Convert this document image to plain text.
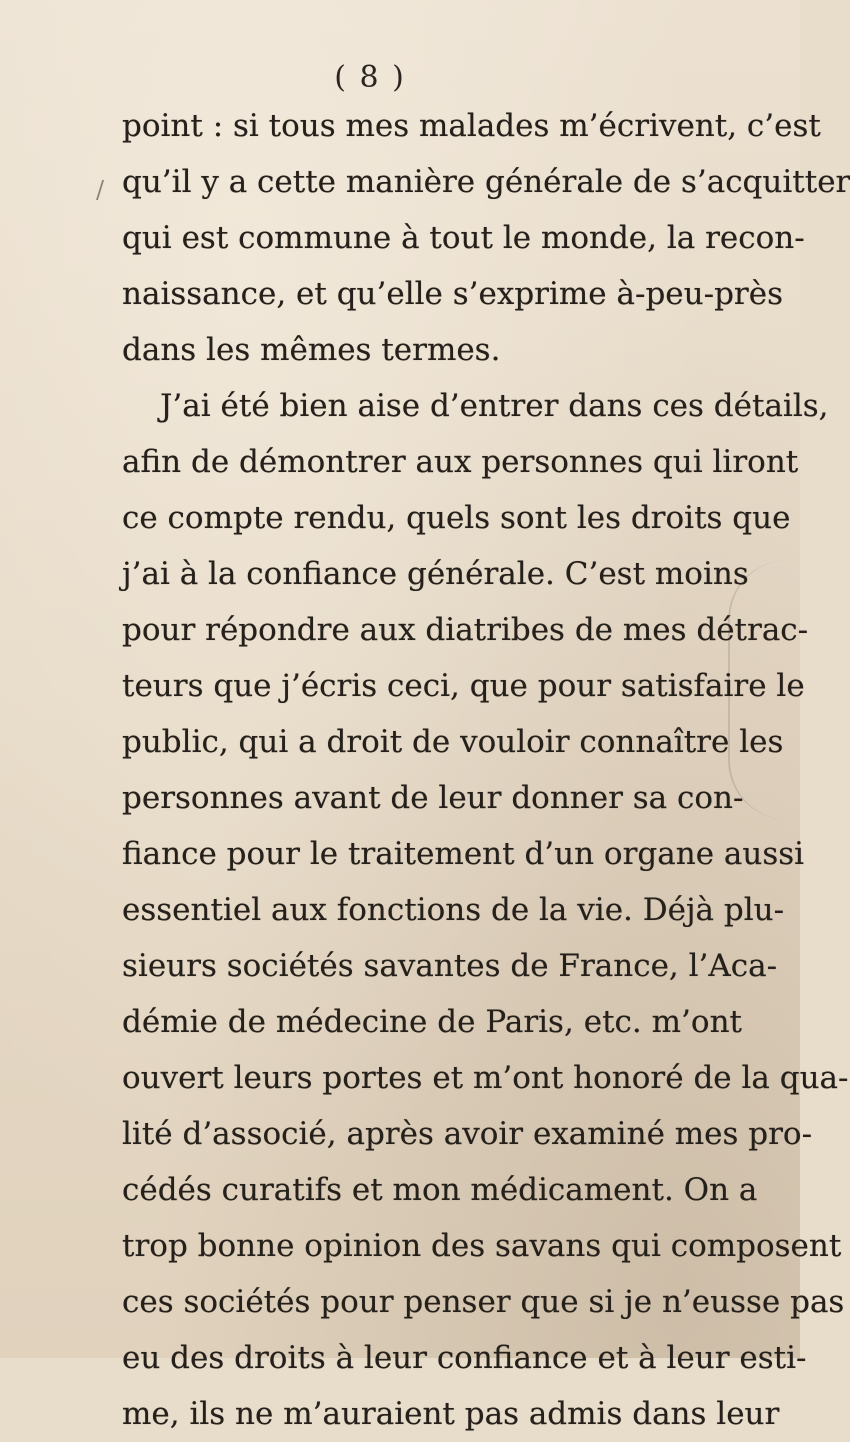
( 8 )
/
point : si tous mes malades m’écrivent, c’est
qu’il y a cette manière générale de s’acquitter
qui est commune à tout le monde, la recon-
naissance, et qu’elle s’exprime à-peu-près
dans les mêmes termes.
J’ai été bien aise d’entrer dans ces détails,
afin de démontrer aux personnes qui liront
ce compte rendu, quels sont les droits que
j’ai à la confiance générale. C’est moins
pour répondre aux diatribes de mes détrac-
teurs que j’écris ceci, que pour satisfaire le
public, qui a droit de vouloir connaître les
personnes avant de leur donner sa con-
fiance pour le traitement d’un organe aussi
essentiel aux fonctions de la vie. Déjà plu-
sieurs sociétés savantes de France, l’Aca-
démie de médecine de Paris, etc. m’ont
ouvert leurs portes et m’ont honoré de la qua-
lité d’associé, après avoir examiné mes pro-
cédés curatifs et mon médicament. On a
trop bonne opinion des savans qui composent
ces sociétés pour penser que si je n’eusse pas
eu des droits à leur confiance et à leur esti-
me, ils ne m’auraient pas admis dans leur
